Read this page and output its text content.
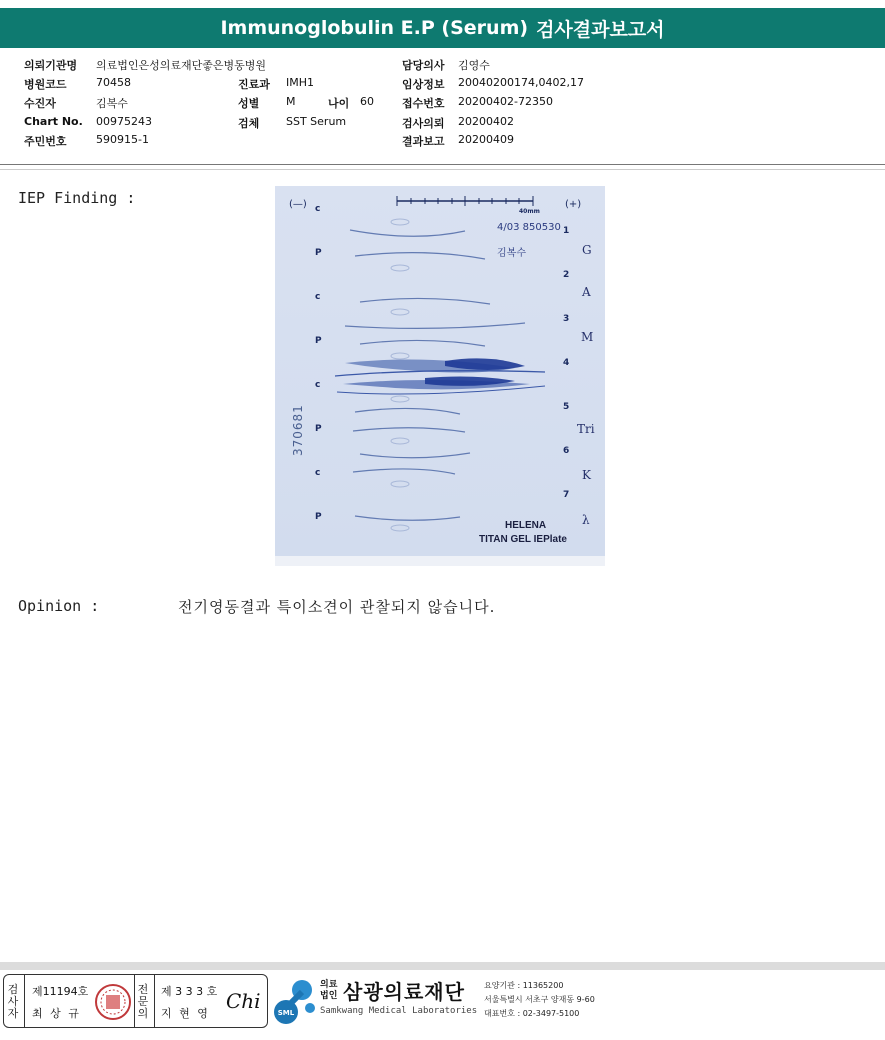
Immunoglobulin E.P (Serum) 검사결과보고서
의뢰기관명 의료법인은성의료재단좋은병동병원
병원코드	70458
수진자	김복수
Chart No. 00975243
주민번호	590915-1
진료과 IMH1
성별 M	나이 60
검체 SST Serum
담당의사 김영수
임상정보 20040200174,0402,17
접수번호 20200402-72350
검사의뢰 20200402
결과보고 20200409
IEP Finding :	(—)	(+)
40mm
4/03 850530
김복수
c
P
c
P
c
P
c
P
1
2
3
4
5
6
7
G
A
M
Tri
K
λ
370681
HELENA
TITAN GEL IEPlate
Opinion :	전기영동결과 특이소견이 관찰되지 않습니다.
검
사
자
제11194호
최 상 규
전
문
의
제 3 3 3 호
지 현 영
Chi SML
의료
법인 삼광의료재단
Samkwang Medical Laboratories
요양기관 : 11365200
서울특별시 서초구 양재동 9-60
대표번호 : 02-3497-5100
